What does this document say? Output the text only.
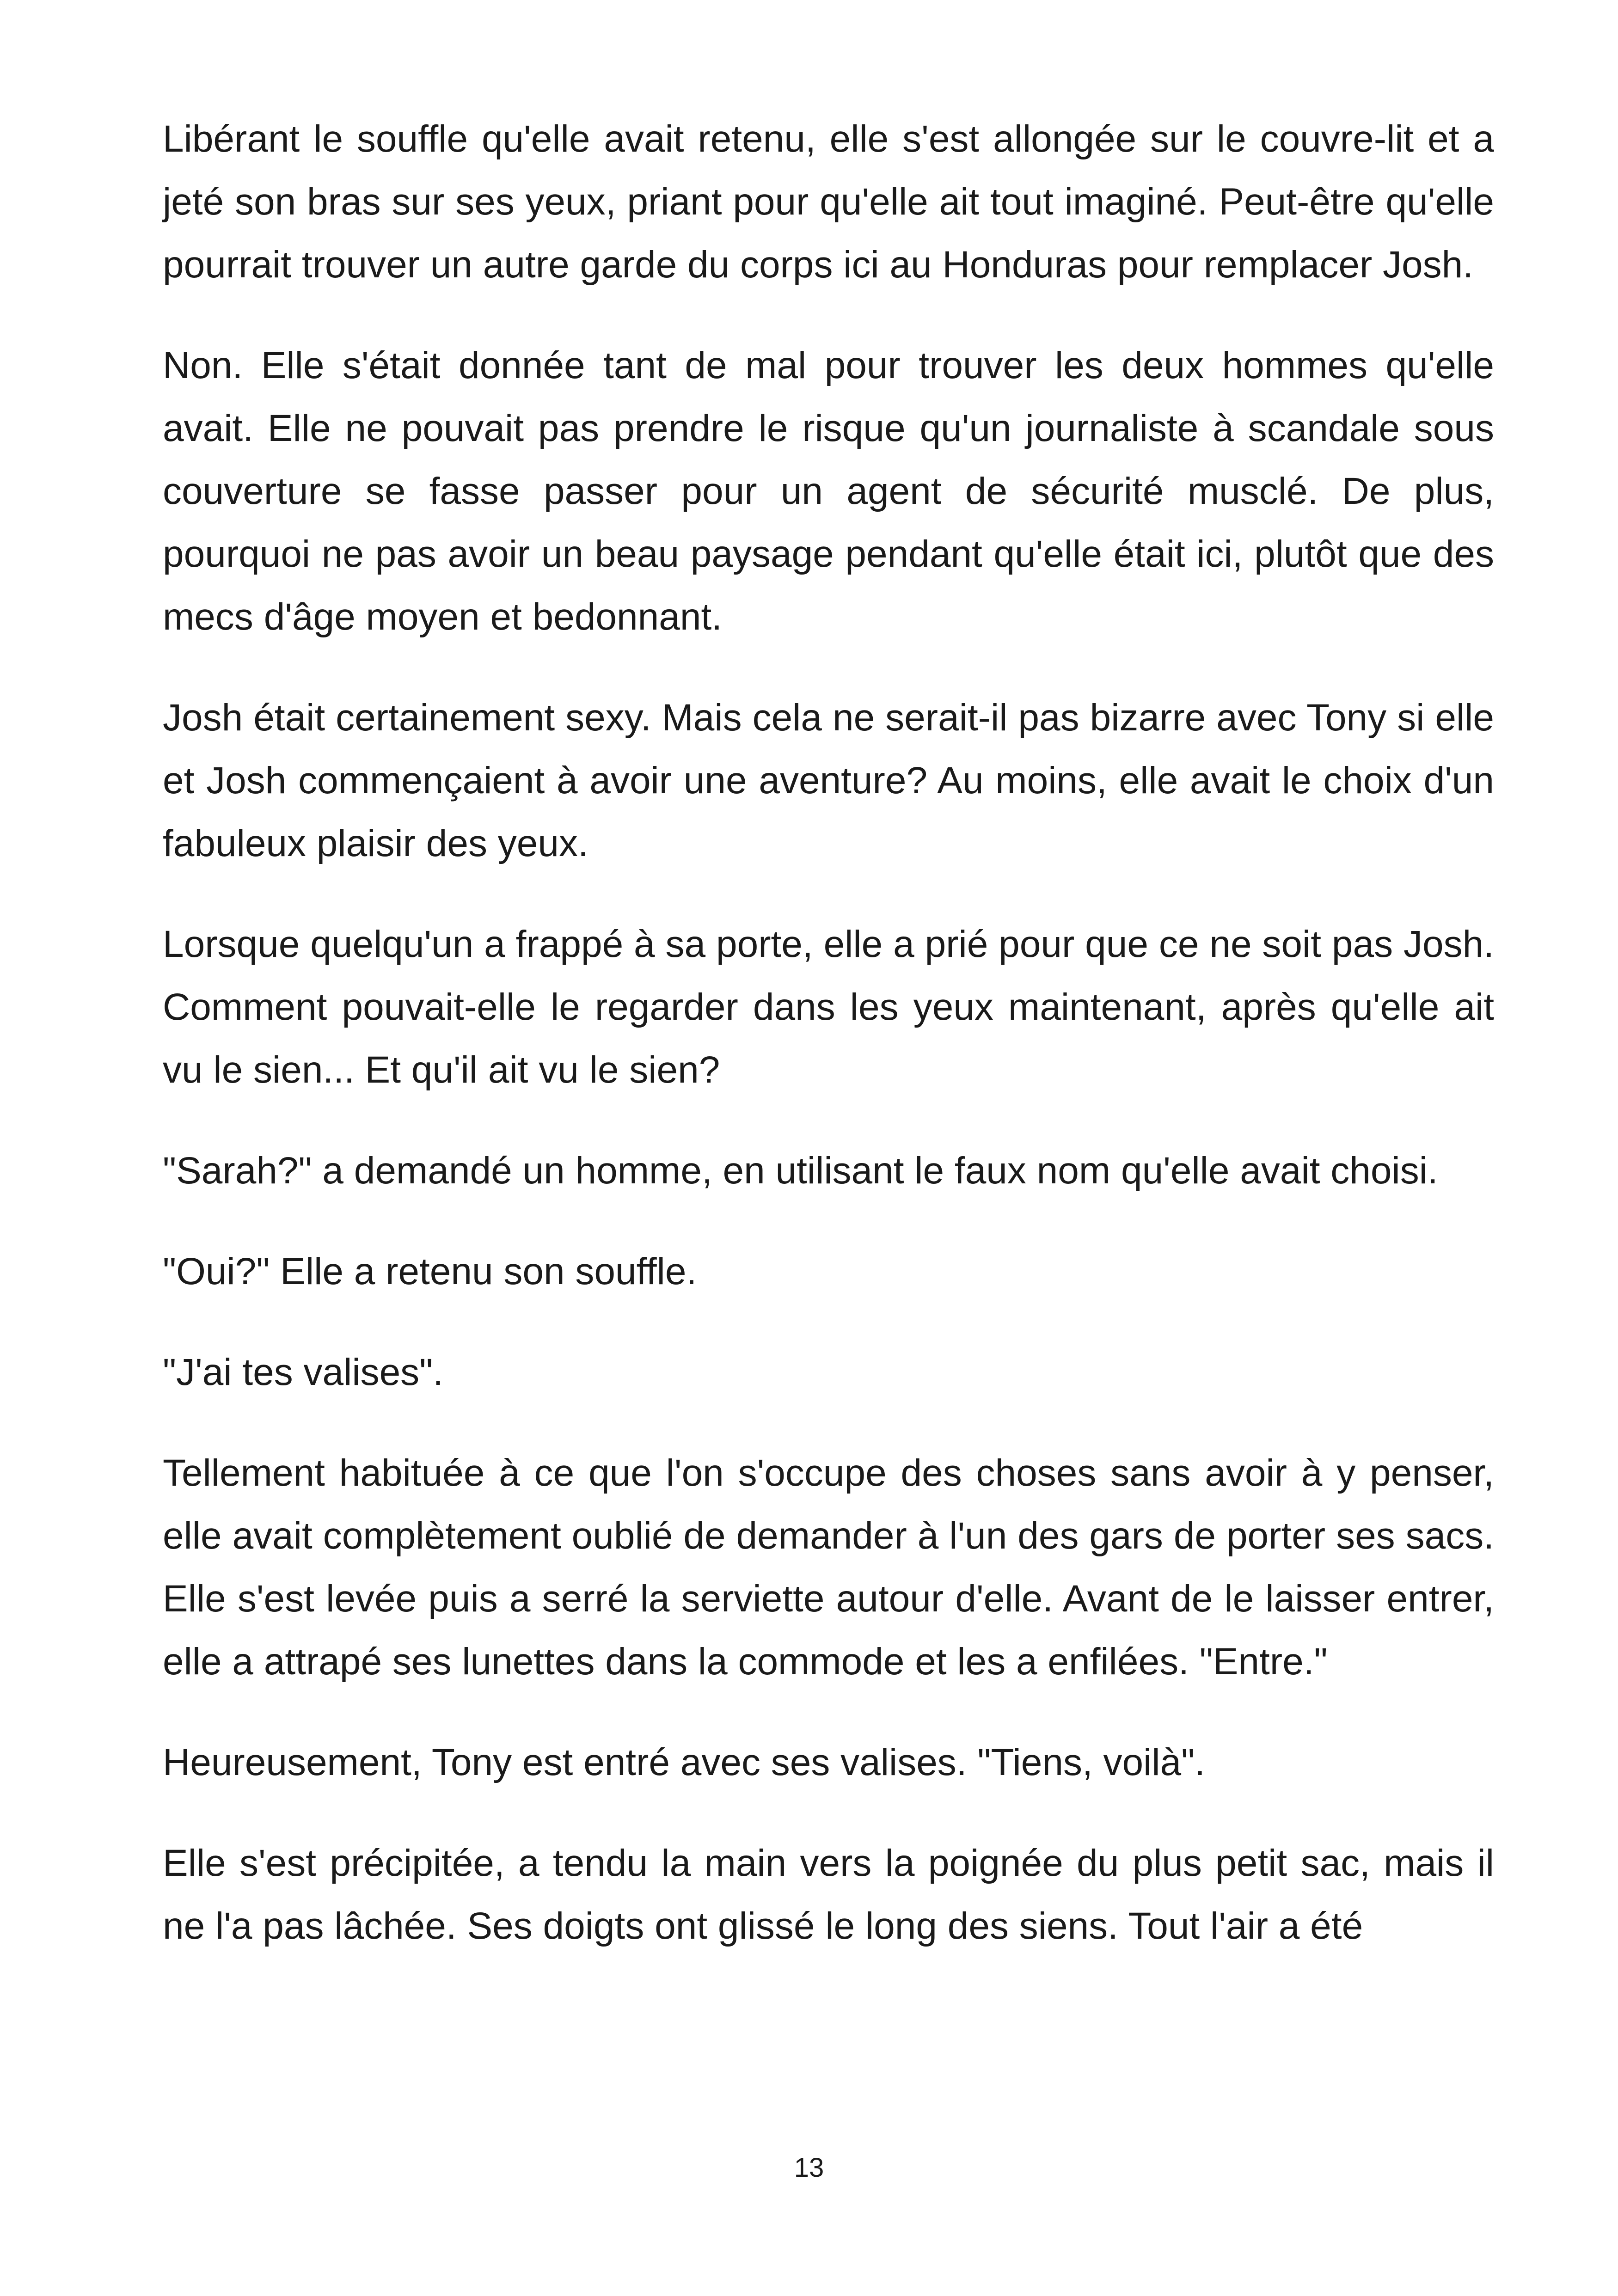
Libérant le souffle qu'elle avait retenu, elle s'est allongée sur le couvre-lit et a jeté son bras sur ses yeux, priant pour qu'elle ait tout imaginé. Peut-être qu'elle pourrait trouver un autre garde du corps ici au Honduras pour remplacer Josh.

Non. Elle s'était donnée tant de mal pour trouver les deux hommes qu'elle avait. Elle ne pouvait pas prendre le risque qu'un journaliste à scandale sous couverture se fasse passer pour un agent de sécurité musclé. De plus, pourquoi ne pas avoir un beau paysage pendant qu'elle était ici, plutôt que des mecs d'âge moyen et bedonnant.

Josh était certainement sexy. Mais cela ne serait-il pas bizarre avec Tony si elle et Josh commençaient à avoir une aventure? Au moins, elle avait le choix d'un fabuleux plaisir des yeux.

Lorsque quelqu'un a frappé à sa porte, elle a prié pour que ce ne soit pas Josh. Comment pouvait-elle le regarder dans les yeux maintenant, après qu'elle ait vu le sien... Et qu'il ait vu le sien?

"Sarah?" a demandé un homme, en utilisant le faux nom qu'elle avait choisi.

"Oui?" Elle a retenu son souffle.

"J'ai tes valises".

Tellement habituée à ce que l'on s'occupe des choses sans avoir à y penser, elle avait complètement oublié de demander à l'un des gars de porter ses sacs. Elle s'est levée puis a serré la serviette autour d'elle. Avant de le laisser entrer, elle a attrapé ses lunettes dans la commode et les a enfilées. "Entre."

Heureusement, Tony est entré avec ses valises. "Tiens, voilà".

Elle s'est précipitée, a tendu la main vers la poignée du plus petit sac, mais il ne l'a pas lâchée. Ses doigts ont glissé le long des siens. Tout l'air a été

13
